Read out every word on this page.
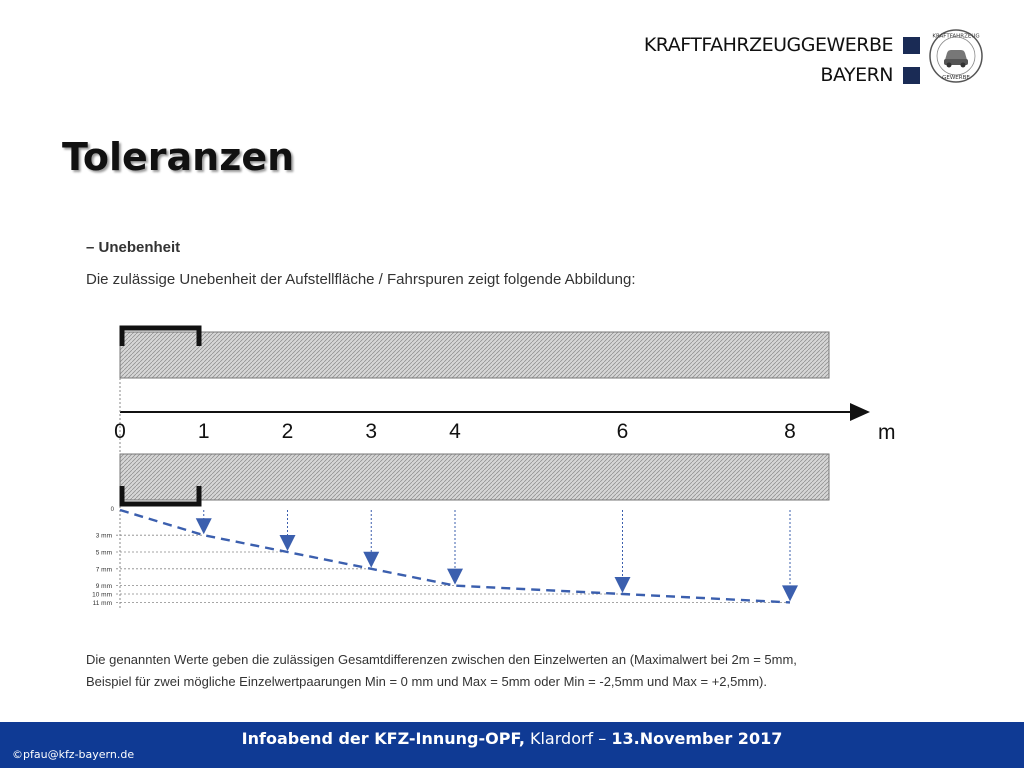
KRAFTFAHRZEUGGEWERBE
BAYERN
KRAFTFAHRZEUG
GEWERBE
Toleranzen
– Unebenheit
Die zulässige Unebenheit der Aufstellfläche / Fahrspuren zeigt folgende Abbildung:
0	1	2	3	4	6	8	m
0
3 mm
5 mm
7 mm
9 mm
10 mm
11 mm
Die genannten Werte geben die zulässigen Gesamtdifferenzen zwischen den Einzelwerten an (Maximalwert bei 2m = 5mm,
Beispiel für zwei mögliche Einzelwertpaarungen Min = 0 mm und Max = 5mm oder Min = -2,5mm und Max = +2,5mm).
Infoabend der KFZ-Innung-OPF, Klardorf – 13.November 2017
©pfau@kfz-bayern.de
